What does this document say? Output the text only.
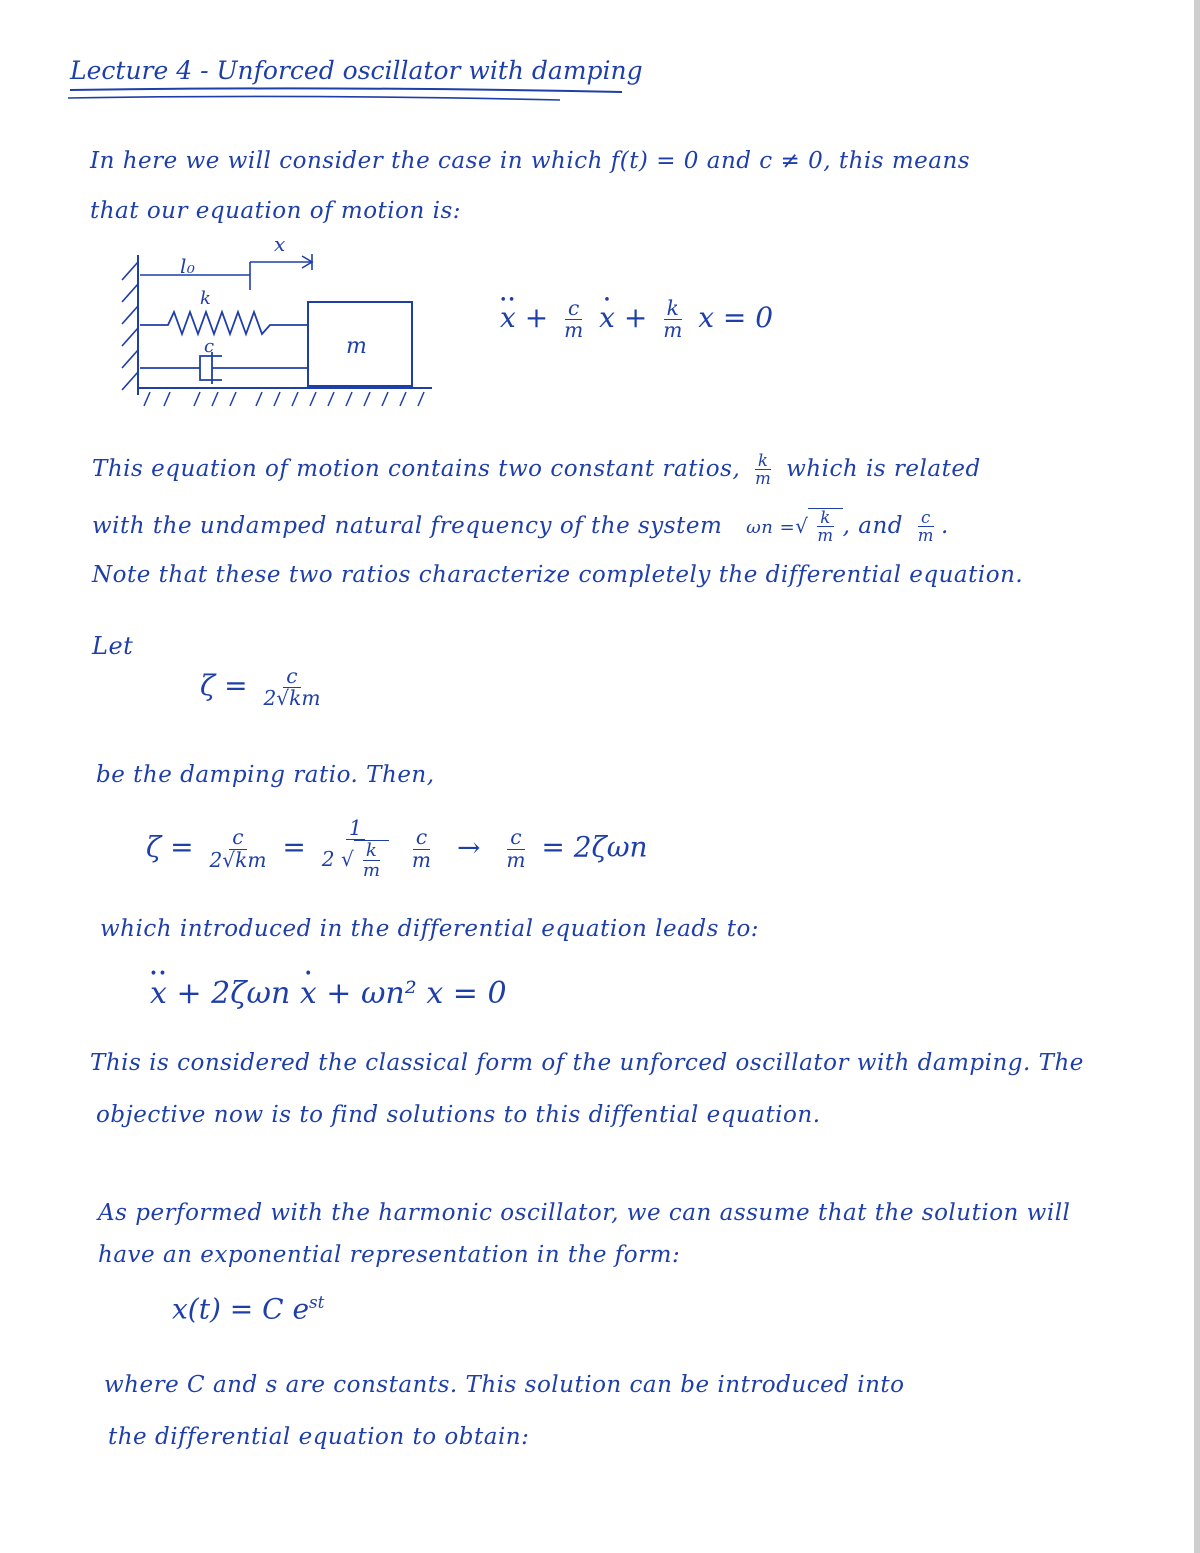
Lecture 4 - Unforced oscillator with damping
In here we will consider the case in which f(t) = 0 and c ≠ 0, this means
that our equation of motion is:
l₀
x
k
c	m
•• $x + \frac{c}{m}$ • $x + \frac{k}{m}$ x = 0
This equation of motion contains two constant ratios, $\frac{k}{m}$ which is related
with the undamped natural frequency of the system ωn =√ $\frac{k}{m}$ , and $\frac{c}{m}$ .
Note that these two ratios characterize completely the differential equation.
Let
$\zeta = \frac{c}{2√km}$
be the damping ratio. Then,
$\zeta = \frac{c}{2√km} = \frac{1}{2 √ \frac{k}{m}}$
$\frac{c}{m} \to \frac{c}{m} = 2\zeta\omega n$
which introduced in the differential equation leads to:
•• x + 2ζωn • x + ωn² x = 0
This is considered the classical form of the unforced oscillator with damping. The
objective now is to find solutions to this diffential equation.
As performed with the harmonic oscillator, we can assume that the solution will
have an exponential representation in the form:
x(t) = C $e^{st}$
where C and s are constants. This solution can be introduced into
the differential equation to obtain:
